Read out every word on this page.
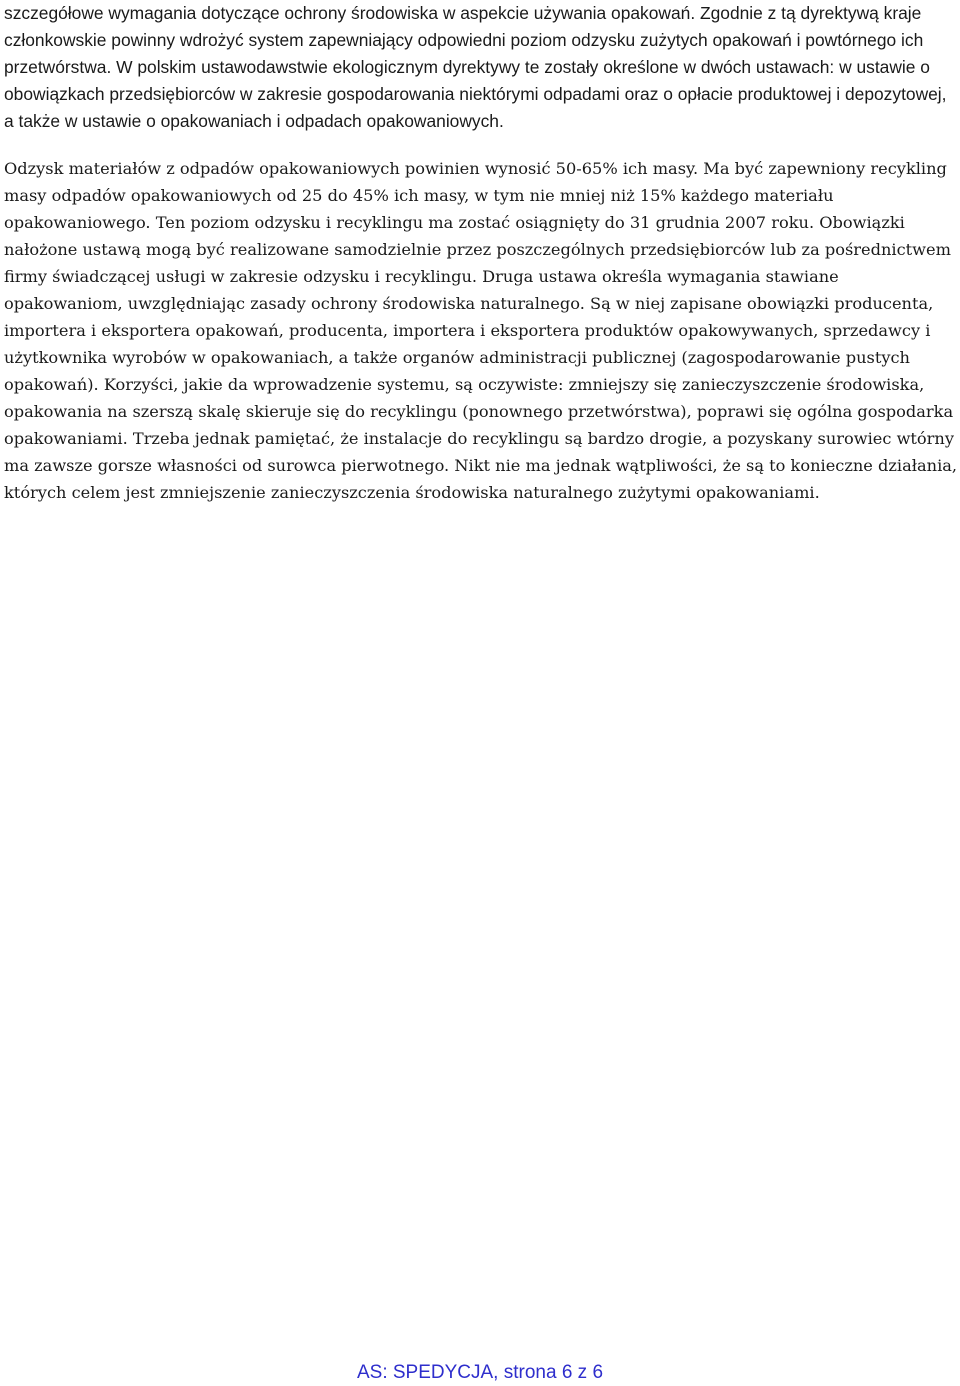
szczegółowe wymagania dotyczące ochrony środowiska w aspekcie używania opakowań. Zgodnie z tą dyrektywą kraje członkowskie powinny wdrożyć system zapewniający odpowiedni poziom odzysku zużytych opakowań i powtórnego ich przetwórstwa. W polskim ustawodawstwie ekologicznym dyrektywy te zostały określone w dwóch ustawach: w ustawie o obowiązkach przedsiębiorców w zakresie gospodarowania niektórymi odpadami oraz o opłacie produktowej i depozytowej, a także w ustawie o opakowaniach i odpadach opakowaniowych.

Odzysk materiałów z odpadów opakowaniowych powinien wynosić 50-65% ich masy. Ma być zapewniony recykling masy odpadów opakowaniowych od 25 do 45% ich masy, w tym nie mniej niż 15% każdego materiału opakowaniowego. Ten poziom odzysku i recyklingu ma zostać osiągnięty do 31 grudnia 2007 roku. Obowiązki nałożone ustawą mogą być realizowane samodzielnie przez poszczególnych przedsiębiorców lub za pośrednictwem firmy świadczącej usługi w zakresie odzysku i recyklingu. Druga ustawa określa wymagania stawiane opakowaniom, uwzględniając zasady ochrony środowiska naturalnego. Są w niej zapisane obowiązki producenta, importera i eksportera opakowań, producenta, importera i eksportera produktów opakowywanych, sprzedawcy i użytkownika wyrobów w opakowaniach, a także organów administracji publicznej (zagospodarowanie pustych opakowań). Korzyści, jakie da wprowadzenie systemu, są oczywiste: zmniejszy się zanieczyszczenie środowiska, opakowania na szerszą skalę skieruje się do recyklingu (ponownego przetwórstwa), poprawi się ogólna gospodarka opakowaniami. Trzeba jednak pamiętać, że instalacje do recyklingu są bardzo drogie, a pozyskany surowiec wtórny ma zawsze gorsze własności od surowca pierwotnego. Nikt nie ma jednak wątpliwości, że są to konieczne działania, których celem jest zmniejszenie zanieczyszczenia środowiska naturalnego zużytymi opakowaniami.

AS: SPEDYCJA, strona 6 z 6
